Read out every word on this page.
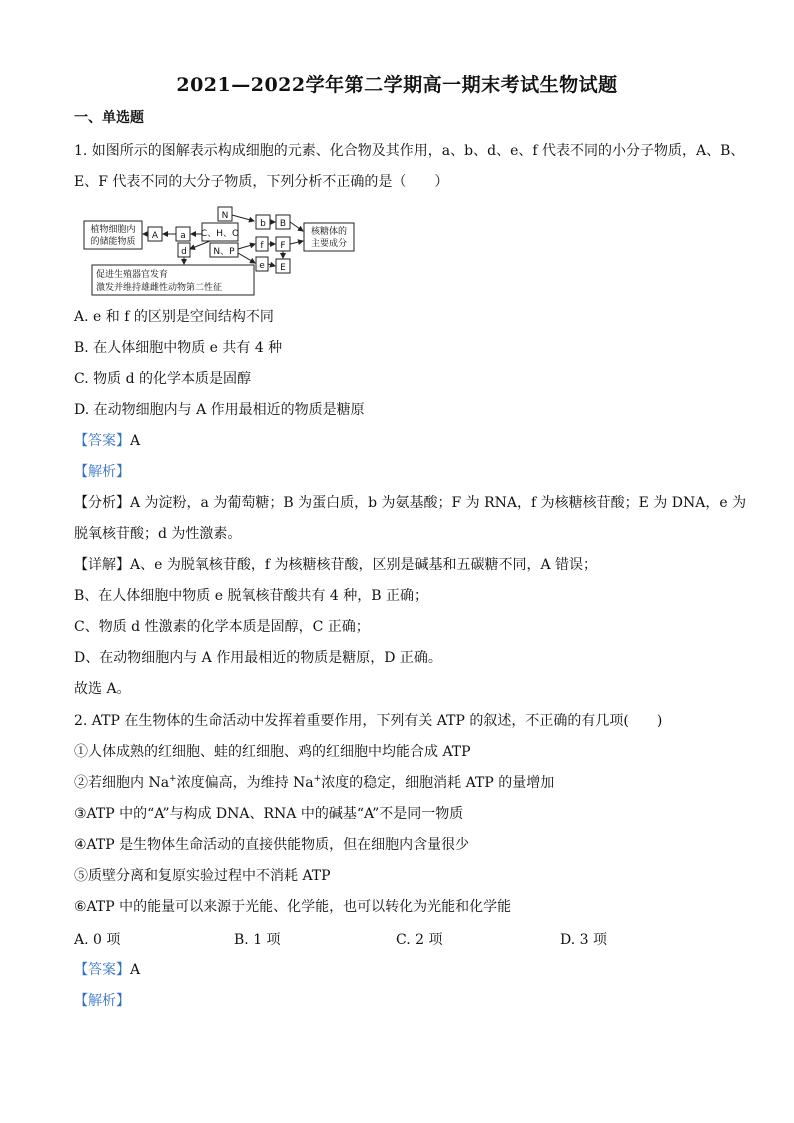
2021—2022学年第二学期高一期末考试生物试题
一、单选题
1. 如图所示的图解表示构成细胞的元素、化合物及其作用，a、b、d、e、f 代表不同的小分子物质，A、B、
E、F 代表不同的大分子物质，下列分析不正确的是（　　）
植物细胞内
的储能物质
A a C、H、O
N
N、P
d
b B
f F
e E
核糖体的
主要成分
促进生殖器官发育
激发并维持雄雌性动物第二性征
A. e 和 f 的区别是空间结构不同
B. 在人体细胞中物质 e 共有 4 种
C. 物质 d 的化学本质是固醇
D. 在动物细胞内与 A 作用最相近的物质是糖原
【答案】A
【解析】
【分析】A 为淀粉，a 为葡萄糖；B 为蛋白质，b 为氨基酸；F 为 RNA，f 为核糖核苷酸；E 为 DNA，e 为
脱氧核苷酸；d 为性激素。
【详解】A、e 为脱氧核苷酸，f 为核糖核苷酸，区别是碱基和五碳糖不同，A 错误；
B、在人体细胞中物质 e 脱氧核苷酸共有 4 种，B 正确；
C、物质 d 性激素的化学本质是固醇，C 正确；
D、在动物细胞内与 A 作用最相近的物质是糖原，D 正确。
故选 A。
2. ATP 在生物体的生命活动中发挥着重要作用，下列有关 ATP 的叙述，不正确的有几项(　　)
①人体成熟的红细胞、蛙的红细胞、鸡的红细胞中均能合成 ATP
②若细胞内 Na+浓度偏高，为维持 Na+浓度的稳定，细胞消耗 ATP 的量增加
③ATP 中的“A”与构成 DNA、RNA 中的碱基“A”不是同一物质
④ATP 是生物体生命活动的直接供能物质，但在细胞内含量很少
⑤质壁分离和复原实验过程中不消耗 ATP
⑥ATP 中的能量可以来源于光能、化学能，也可以转化为光能和化学能
A. 0 项	B. 1 项	C. 2 项	D. 3 项
【答案】A
【解析】
